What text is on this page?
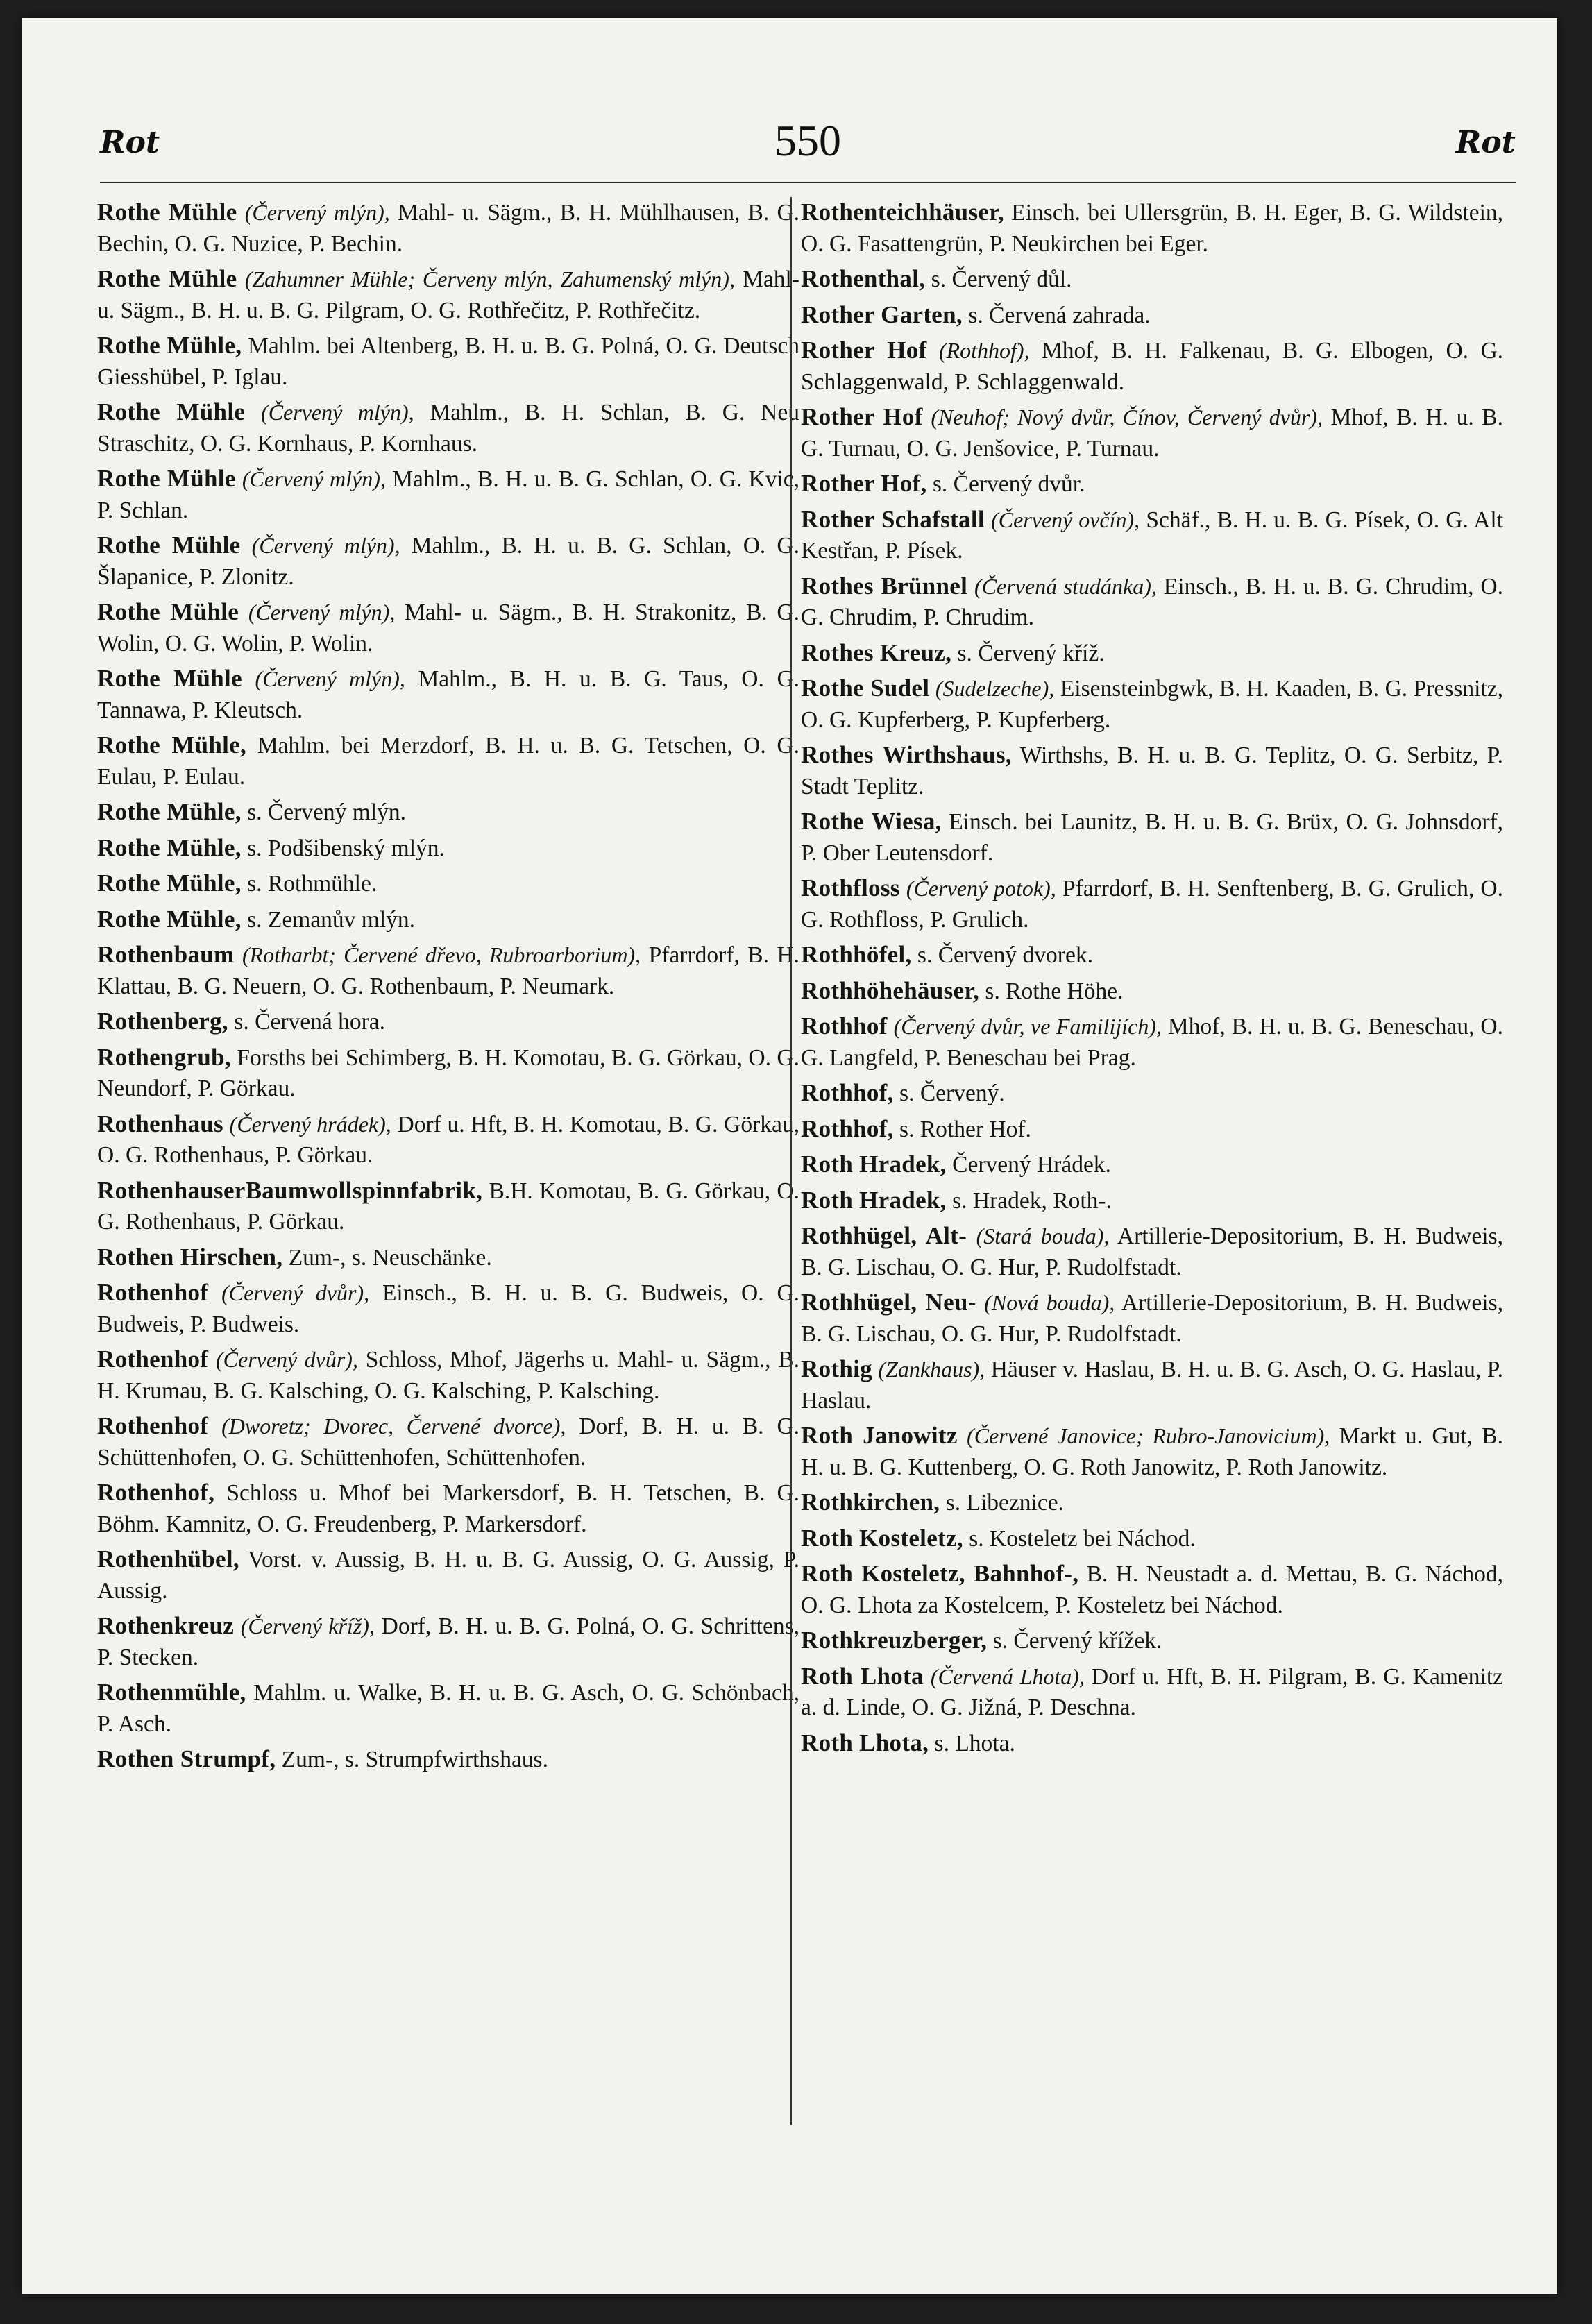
Rot	550	Rot

Rothe Mühle (Červený mlýn), Mahl- u. Sägm., B. H. Mühlhausen, B. G. Bechin, O. G. Nuzice, P. Bechin.

Rothe Mühle (Zahumner Mühle; Červeny mlýn, Zahumenský mlýn), Mahl- u. Sägm., B. H. u. B. G. Pilgram, O. G. Rothřečitz, P. Rothřečitz.

Rothe Mühle, Mahlm. bei Altenberg, B. H. u. B. G. Polná, O. G. Deutsch Giesshübel, P. Iglau.

Rothe Mühle (Červený mlýn), Mahlm., B. H. Schlan, B. G. Neu Straschitz, O. G. Kornhaus, P. Kornhaus.

Rothe Mühle (Červený mlýn), Mahlm., B. H. u. B. G. Schlan, O. G. Kvic, P. Schlan.

Rothe Mühle (Červený mlýn), Mahlm., B. H. u. B. G. Schlan, O. G. Šlapanice, P. Zlonitz.

Rothe Mühle (Červený mlýn), Mahl- u. Sägm., B. H. Strakonitz, B. G. Wolin, O. G. Wolin, P. Wolin.

Rothe Mühle (Červený mlýn), Mahlm., B. H. u. B. G. Taus, O. G. Tannawa, P. Kleutsch.

Rothe Mühle, Mahlm. bei Merzdorf, B. H. u. B. G. Tetschen, O. G. Eulau, P. Eulau.

Rothe Mühle, s. Červený mlýn.

Rothe Mühle, s. Podšibenský mlýn.

Rothe Mühle, s. Rothmühle.

Rothe Mühle, s. Zemanův mlýn.

Rothenbaum (Rotharbt; Červené dřevo, Rubroarborium), Pfarrdorf, B. H. Klattau, B. G. Neuern, O. G. Rothenbaum, P. Neumark.

Rothenberg, s. Červená hora.

Rothengrub, Forsths bei Schimberg, B. H. Komotau, B. G. Görkau, O. G. Neundorf, P. Görkau.

Rothenhaus (Červený hrádek), Dorf u. Hft, B. H. Komotau, B. G. Görkau, O. G. Rothenhaus, P. Görkau.

RothenhauserBaumwollspinnfabrik, B.H. Komotau, B. G. Görkau, O. G. Rothenhaus, P. Görkau.

Rothen Hirschen, Zum-, s. Neuschänke.

Rothenhof (Červený dvůr), Einsch., B. H. u. B. G. Budweis, O. G. Budweis, P. Budweis.

Rothenhof (Červený dvůr), Schloss, Mhof, Jägerhs u. Mahl- u. Sägm., B. H. Krumau, B. G. Kalsching, O. G. Kalsching, P. Kalsching.

Rothenhof (Dworetz; Dvorec, Červené dvorce), Dorf, B. H. u. B. G. Schüttenhofen, O. G. Schüttenhofen, Schüttenhofen.

Rothenhof, Schloss u. Mhof bei Markersdorf, B. H. Tetschen, B. G. Böhm. Kamnitz, O. G. Freudenberg, P. Markersdorf.

Rothenhübel, Vorst. v. Aussig, B. H. u. B. G. Aussig, O. G. Aussig, P. Aussig.

Rothenkreuz (Červený kříž), Dorf, B. H. u. B. G. Polná, O. G. Schrittens, P. Stecken.

Rothenmühle, Mahlm. u. Walke, B. H. u. B. G. Asch, O. G. Schönbach, P. Asch.

Rothen Strumpf, Zum-, s. Strumpfwirthshaus.

Rothenteichhäuser, Einsch. bei Ullersgrün, B. H. Eger, B. G. Wildstein, O. G. Fasattengrün, P. Neukirchen bei Eger.

Rothenthal, s. Červený důl.

Rother Garten, s. Červená zahrada.

Rother Hof (Rothhof), Mhof, B. H. Falkenau, B. G. Elbogen, O. G. Schlaggenwald, P. Schlaggenwald.

Rother Hof (Neuhof; Nový dvůr, Čínov, Červený dvůr), Mhof, B. H. u. B. G. Turnau, O. G. Jenšovice, P. Turnau.

Rother Hof, s. Červený dvůr.

Rother Schafstall (Červený ovčín), Schäf., B. H. u. B. G. Písek, O. G. Alt Kestřan, P. Písek.

Rothes Brünnel (Červená studánka), Einsch., B. H. u. B. G. Chrudim, O. G. Chrudim, P. Chrudim.

Rothes Kreuz, s. Červený kříž.

Rothe Sudel (Sudelzeche), Eisensteinbgwk, B. H. Kaaden, B. G. Pressnitz, O. G. Kupferberg, P. Kupferberg.

Rothes Wirthshaus, Wirthshs, B. H. u. B. G. Teplitz, O. G. Serbitz, P. Stadt Teplitz.

Rothe Wiesa, Einsch. bei Launitz, B. H. u. B. G. Brüx, O. G. Johnsdorf, P. Ober Leutensdorf.

Rothfloss (Červený potok), Pfarrdorf, B. H. Senftenberg, B. G. Grulich, O. G. Rothfloss, P. Grulich.

Rothhöfel, s. Červený dvorek.

Rothhöhehäuser, s. Rothe Höhe.

Rothhof (Červený dvůr, ve Familijích), Mhof, B. H. u. B. G. Beneschau, O. G. Langfeld, P. Beneschau bei Prag.

Rothhof, s. Červený.

Rothhof, s. Rother Hof.

Roth Hradek, Červený Hrádek.

Roth Hradek, s. Hradek, Roth-.

Rothhügel, Alt- (Stará bouda), Artillerie-Depositorium, B. H. Budweis, B. G. Lischau, O. G. Hur, P. Rudolfstadt.

Rothhügel, Neu- (Nová bouda), Artillerie-Depositorium, B. H. Budweis, B. G. Lischau, O. G. Hur, P. Rudolfstadt.

Rothig (Zankhaus), Häuser v. Haslau, B. H. u. B. G. Asch, O. G. Haslau, P. Haslau.

Roth Janowitz (Červené Janovice; Rubro-Janovicium), Markt u. Gut, B. H. u. B. G. Kuttenberg, O. G. Roth Janowitz, P. Roth Janowitz.

Rothkirchen, s. Libeznice.

Roth Kosteletz, s. Kosteletz bei Náchod.

Roth Kosteletz, Bahnhof-, B. H. Neustadt a. d. Mettau, B. G. Náchod, O. G. Lhota za Kostelcem, P. Kosteletz bei Náchod.

Rothkreuzberger, s. Červený křížek.

Roth Lhota (Červená Lhota), Dorf u. Hft, B. H. Pilgram, B. G. Kamenitz a. d. Linde, O. G. Jižná, P. Deschna.

Roth Lhota, s. Lhota.
